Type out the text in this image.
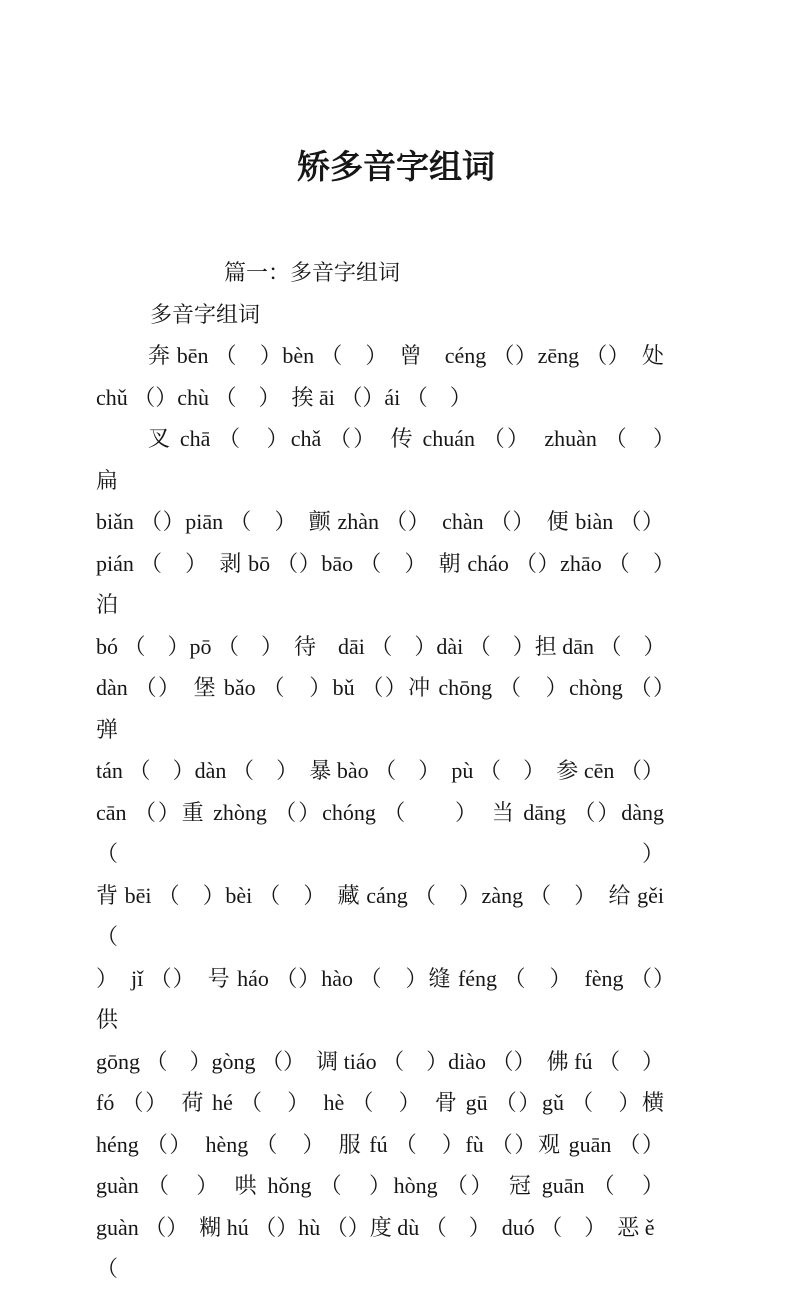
矫多音字组词
篇一：多音字组词
多音字组词
奔 bēn （　）bèn （　）　曾　céng （）zēng （）　处
chǔ （）chù （　）　挨 āi （）ái （　）
叉 chā （　）chǎ （）　传 chuán （）　zhuàn （　）　扁
biǎn （）piān （　）　颤 zhàn （）　chàn （）　便 biàn （）
pián （　）　剥 bō （）bāo （　）　朝 cháo （）zhāo （　）　泊
bó （　）pō （　）　待　dāi （　）dài （　）担 dān （　）
dàn （）　堡 bǎo （　）bǔ （）冲 chōng （　）chòng （）　弹
tán （　）dàn （　）　暴 bào （　）　pù （　）　参 cēn （）
cān （）重 zhòng （）chóng （　　）　当 dāng （）dàng （）
背 bēi （　）bèi （　）　藏 cáng （　）zàng （　）　给 gěi （
）　jǐ （）　号 háo （）hào （　）缝 féng （　）　fèng （）　供
gōng （　）gòng （）　调 tiáo （　）diào （）　佛 fú （　）
fó （）　荷 hé （　）　hè （　）　骨 gū （）gǔ （　）横
héng （）　hèng （　）　服 fú （　）fù （）观 guān （）
guàn （　）　哄 hǒng （　）hòng （）　冠 guān （　）
guàn （）　糊 hú （）hù （）度 dù （　）　duó （　）　恶 ě （
